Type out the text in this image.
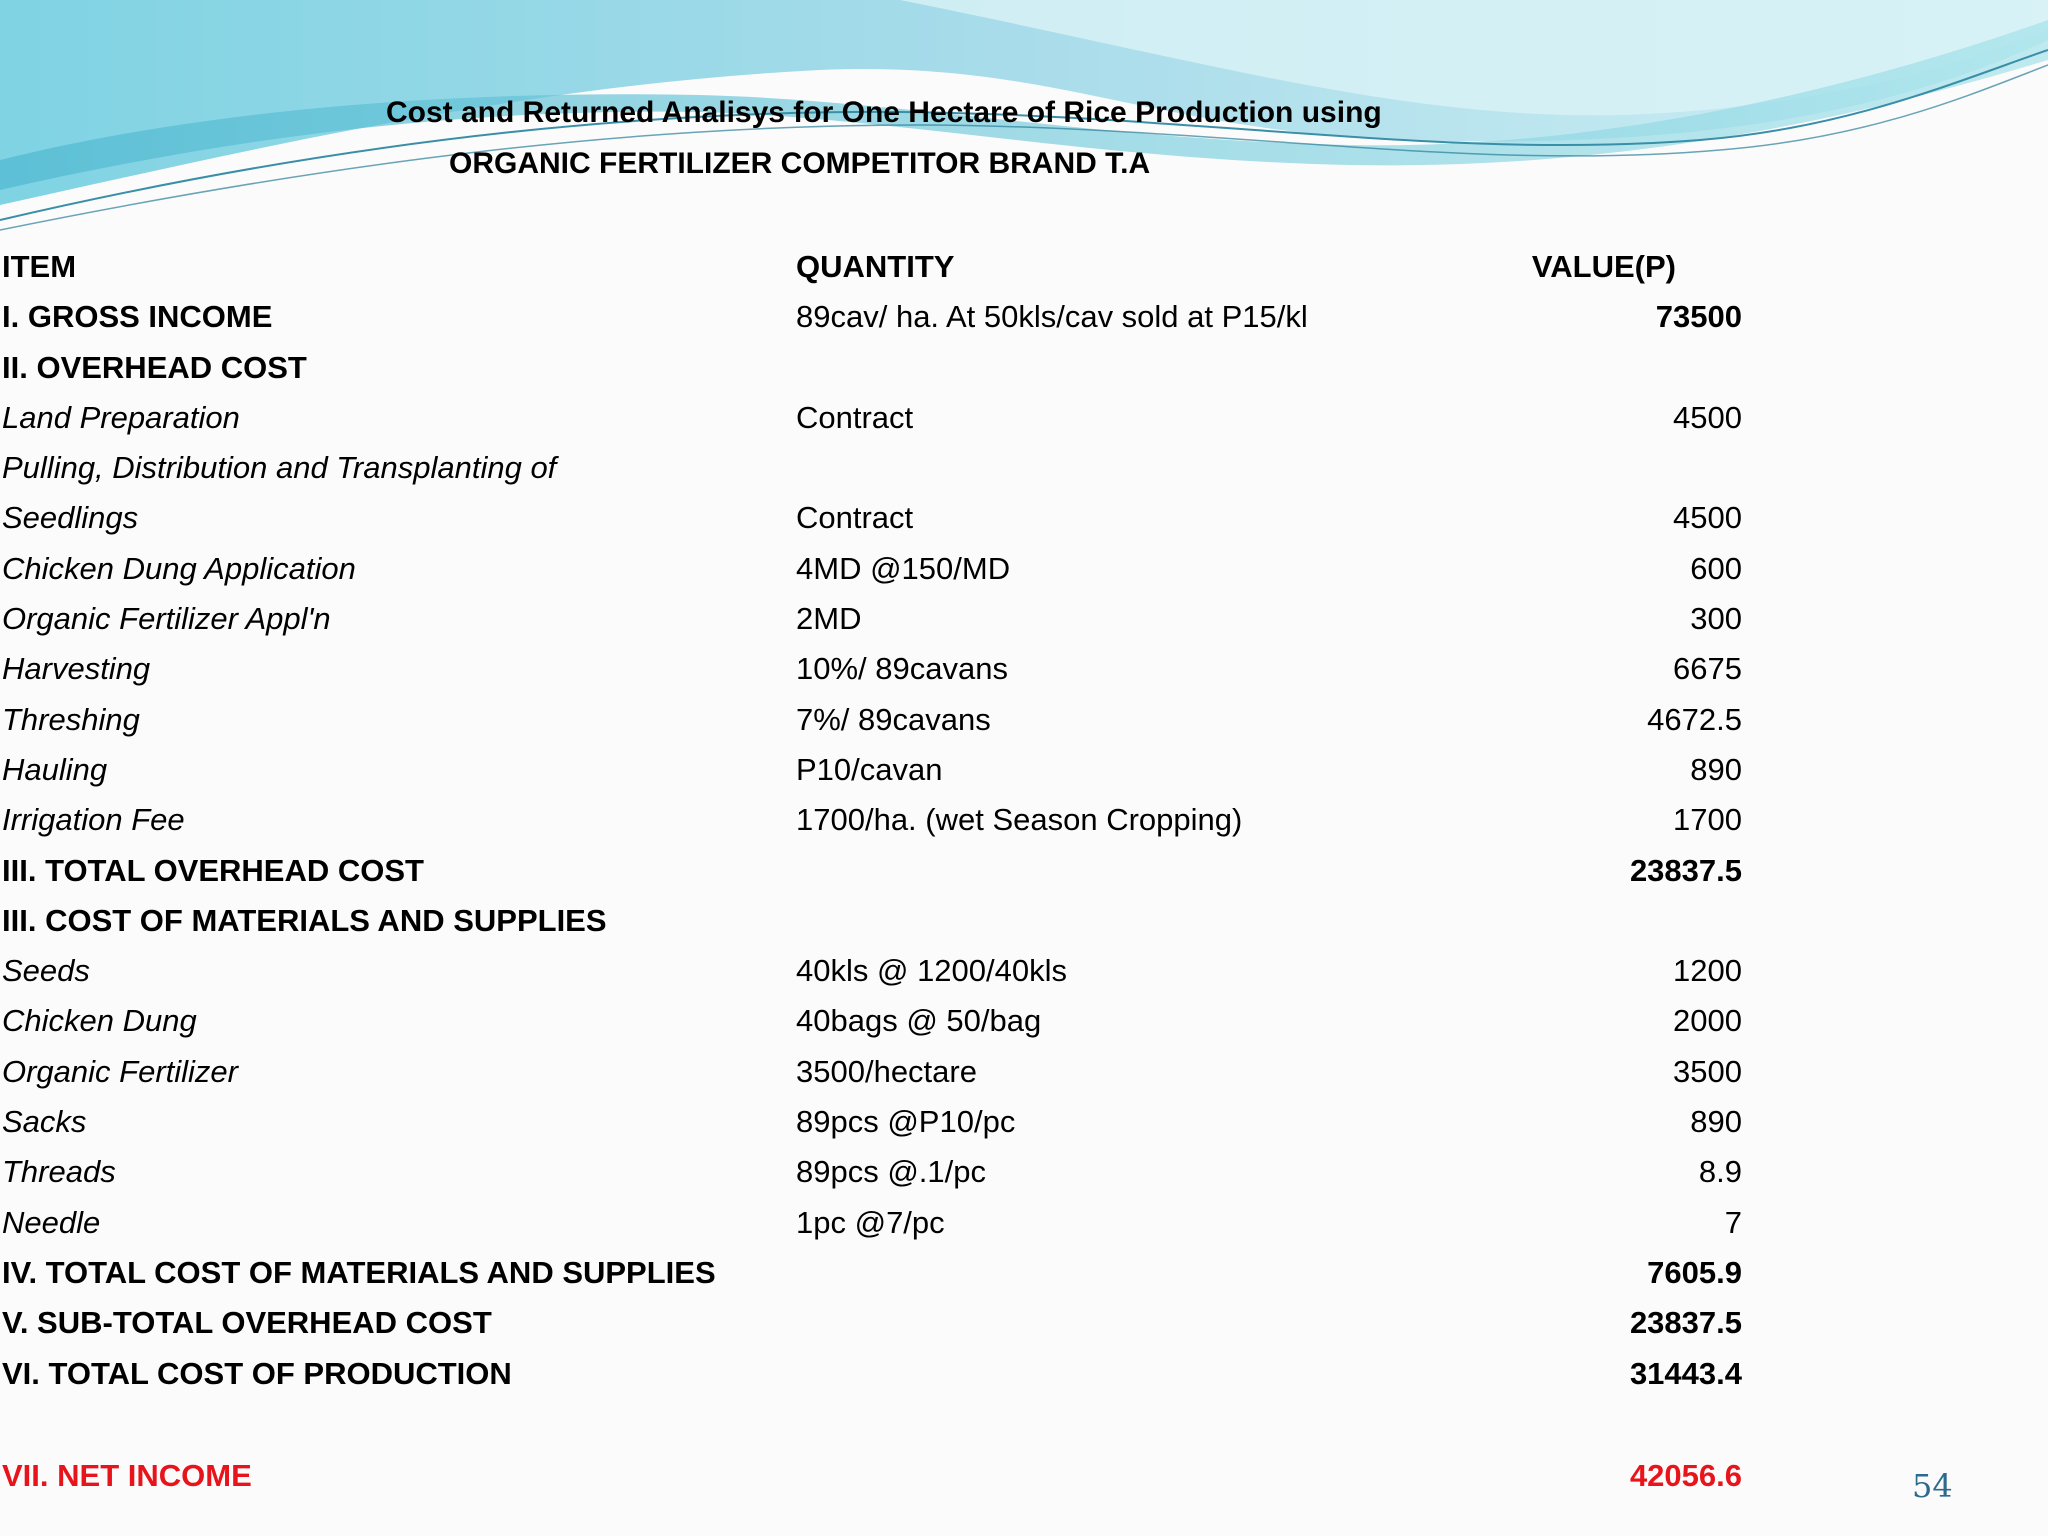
Cost and Returned Analisys for One Hectare of Rice Production using
ORGANIC FERTILIZER COMPETITOR BRAND T.A
ITEM	QUANTITY	VALUE(P)
I. GROSS INCOME	89cav/ ha. At 50kls/cav sold at P15/kl	73500
II. OVERHEAD COST
Land Preparation	Contract	4500
Pulling, Distribution and Transplanting of
Seedlings	Contract	4500
Chicken Dung Application	4MD @150/MD	600
Organic Fertilizer Appl'n	2MD	300
Harvesting	10%/ 89cavans	6675
Threshing	7%/ 89cavans	4672.5
Hauling	P10/cavan	890
Irrigation Fee	1700/ha. (wet Season Cropping)	1700
III. TOTAL OVERHEAD COST	23837.5
III. COST OF MATERIALS AND SUPPLIES
Seeds	40kls @ 1200/40kls	1200
Chicken Dung	40bags @ 50/bag	2000
Organic Fertilizer	3500/hectare	3500
Sacks	89pcs @P10/pc	890
Threads	89pcs @.1/pc	8.9
Needle	1pc @7/pc	7
IV. TOTAL COST OF MATERIALS AND SUPPLIES	7605.9
V. SUB-TOTAL OVERHEAD COST	23837.5
VI. TOTAL COST OF PRODUCTION	31443.4
VII. NET INCOME	42056.6	54
